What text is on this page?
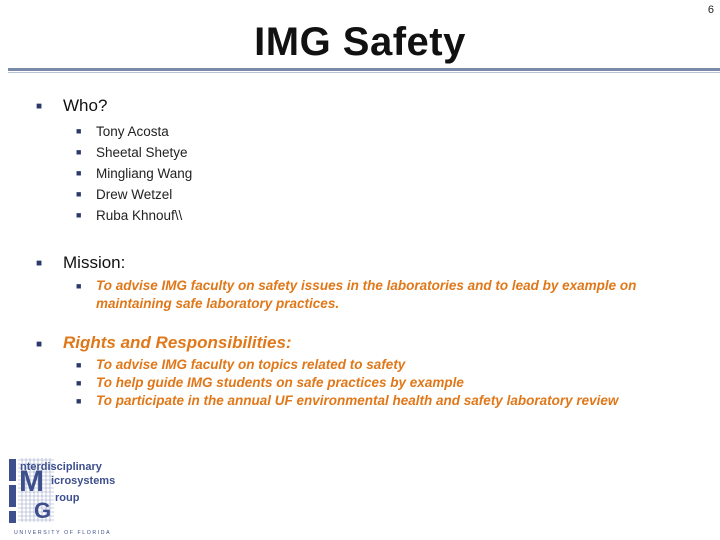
6
IMG Safety
■ Who?
■ Tony Acosta
■ Sheetal Shetye
■ Mingliang Wang
■ Drew Wetzel
■ Ruba Khnouf\\
■ Mission:
■ To advise IMG faculty on safety issues in the laboratories and to lead by example on maintaining safe laboratory practices.
■ Rights and Responsibilities:
■ To advise IMG faculty on topics related to safety
■ To help guide IMG students on safe practices by example
■ To participate in the annual UF environmental health and safety laboratory review
M
G
nterdisciplinary
icrosystems
roup
UNIVERSITY OF FLORIDA
